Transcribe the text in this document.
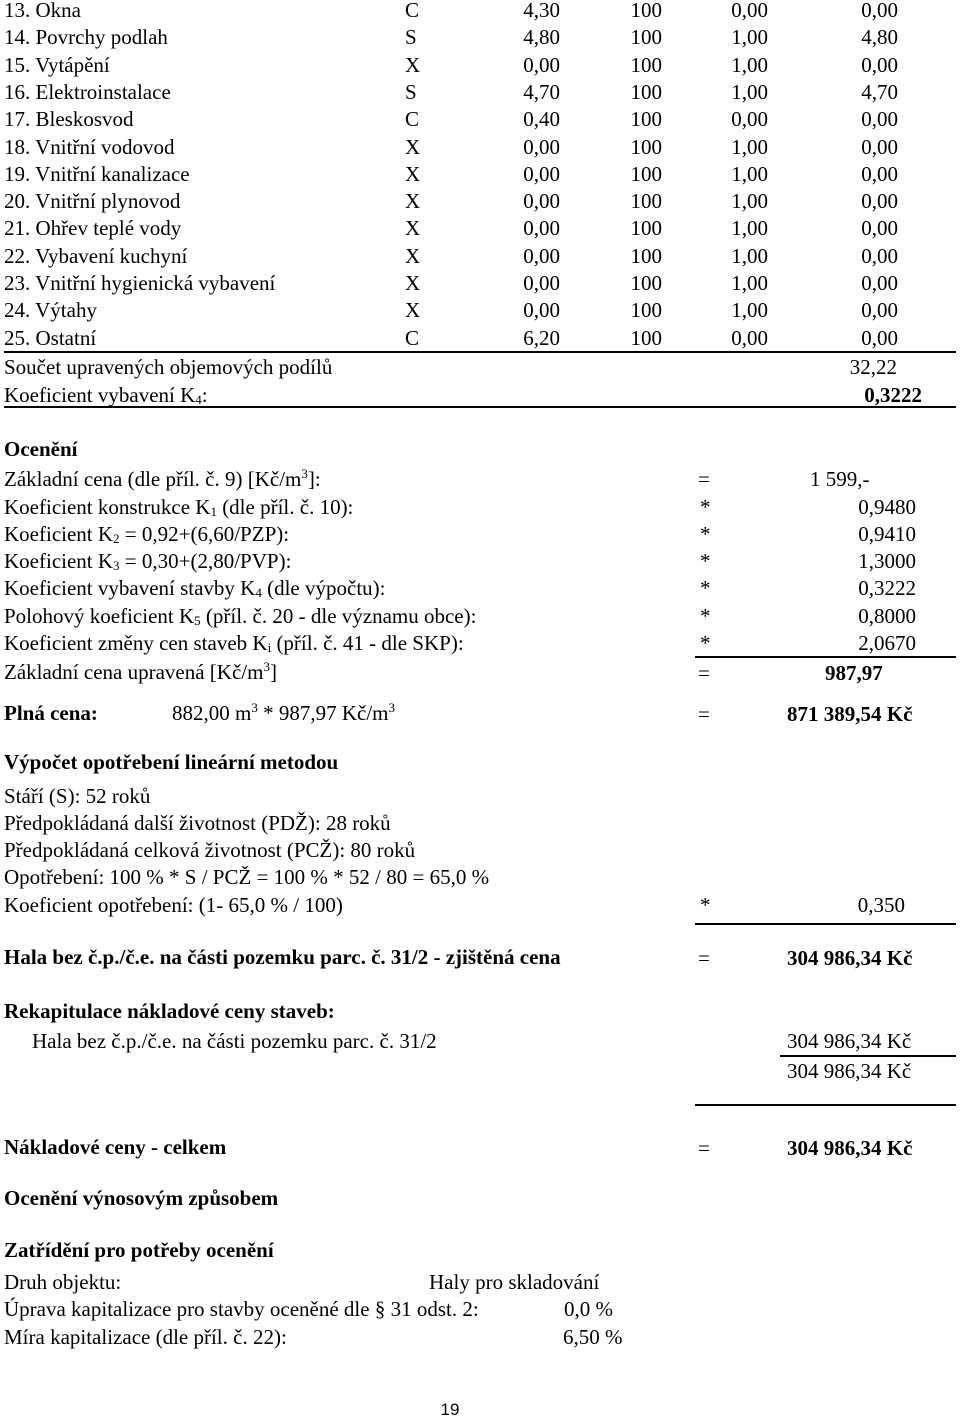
13. Okna	C	4,30	100	0,00	0,00
14. Povrchy podlah	S	4,80	100	1,00	4,80
15. Vytápění	X	0,00	100	1,00	0,00
16. Elektroinstalace	S	4,70	100	1,00	4,70
17. Bleskosvod	C	0,40	100	0,00	0,00
18. Vnitřní vodovod	X	0,00	100	1,00	0,00
19. Vnitřní kanalizace	X	0,00	100	1,00	0,00
20. Vnitřní plynovod	X	0,00	100	1,00	0,00
21. Ohřev teplé vody	X	0,00	100	1,00	0,00
22. Vybavení kuchyní	X	0,00	100	1,00	0,00
23. Vnitřní hygienická vybavení	X	0,00	100	1,00	0,00
24. Výtahy	X	0,00	100	1,00	0,00
25. Ostatní	C	6,20	100	0,00	0,00
Součet upravených objemových podílů	32,22
Koeficient vybavení $K_4$:	0,3222
Ocenění
Základní cena (dle příl. č. 9) $[Kč/m^3]$:	=	1 599,-
Koeficient konstrukce $K_1$ (dle příl. č. 10):	*	0,9480
Koeficient $K_2 = 0,92+(6,60/PZP)$:	*	0,9410
Koeficient $K_3 = 0,30+(2,80/PVP)$:	*	1,3000
Koeficient vybavení stavby $K_4$ (dle výpočtu):	*	0,3222
Polohový koeficient $K_5$ (příl. č. 20 - dle významu obce):	*	0,8000
Koeficient změny cen staveb $K_i$ (příl. č. 41 - dle SKP):	*	2,0670
Základní cena upravená $[Kč/m^3]$	=	987,97
Plná cena:	882,00 $m^3 * 987,97$ $Kč/m^3$	=	871 389,54 Kč
Výpočet opotřebení lineární metodou
Stáří (S): 52 roků
Předpokládaná další životnost (PDŽ): 28 roků
Předpokládaná celková životnost (PCŽ): 80 roků
Opotřebení: 100 % * S / PCŽ = 100 % * 52 / 80 = 65,0 %
Koeficient opotřebení: (1- 65,0 % / 100)	*	0,350
Hala bez č.p./č.e. na části pozemku parc. č. 31/2 - zjištěná cena	=	304 986,34 Kč
Rekapitulace nákladové ceny staveb:
Hala bez č.p./č.e. na části pozemku parc. č. 31/2	304 986,34 Kč
304 986,34 Kč
Nákladové ceny - celkem	=	304 986,34 Kč
Ocenění výnosovým způsobem
Zatřídění pro potřeby ocenění
Druh objektu:	Haly pro skladování
Úprava kapitalizace pro stavby oceněné dle § 31 odst. 2:	0,0 %
Míra kapitalizace (dle příl. č. 22):	6,50 %
19
